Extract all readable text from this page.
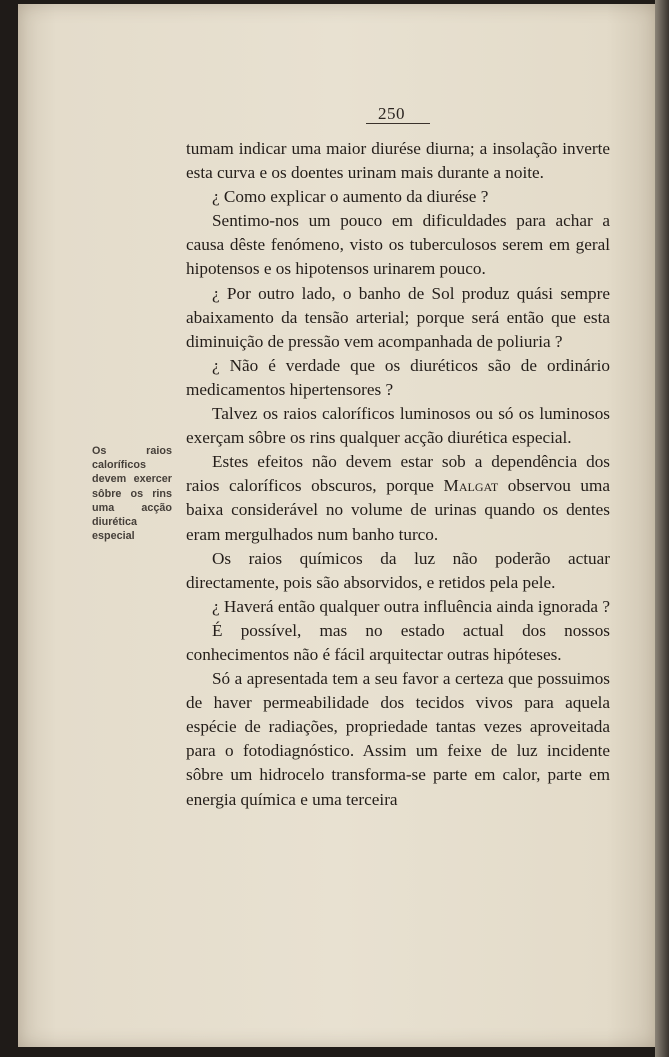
250
Os raios caloríficos devem exercer sôbre os rins uma acção diurética especial

tumam indicar uma maior diurése diurna; a insolação inverte esta curva e os doentes urinam mais durante a noite.

¿ Como explicar o aumento da diurése ?

Sentimo-nos um pouco em dificuldades para achar a causa dêste fenómeno, visto os tuberculosos serem em geral hipotensos e os hipotensos urinarem pouco.

¿ Por outro lado, o banho de Sol produz quási sempre abaixamento da tensão arterial; porque será então que esta diminuição de pressão vem acompanhada de poliuria ?

¿ Não é verdade que os diuréticos são de ordinário medicamentos hipertensores ?

Talvez os raios caloríficos luminosos ou só os luminosos exerçam sôbre os rins qualquer acção diurética especial.

Estes efeitos não devem estar sob a dependência dos raios caloríficos obscuros, porque Malgat observou uma baixa considerável no volume de urinas quando os dentes eram mergulhados num banho turco.

Os raios químicos da luz não poderão actuar directamente, pois são absorvidos, e retidos pela pele.

¿ Haverá então qualquer outra influência ainda ignorada ?

É possível, mas no estado actual dos nossos conhecimentos não é fácil arquitectar outras hipóteses.

Só a apresentada tem a seu favor a certeza que possuimos de haver permeabilidade dos tecidos vivos para aquela espécie de radiações, propriedade tantas vezes aproveitada para o fotodiagnóstico. Assim um feixe de luz incidente sôbre um hidrocelo transforma-se parte em calor, parte em energia química e uma terceira
